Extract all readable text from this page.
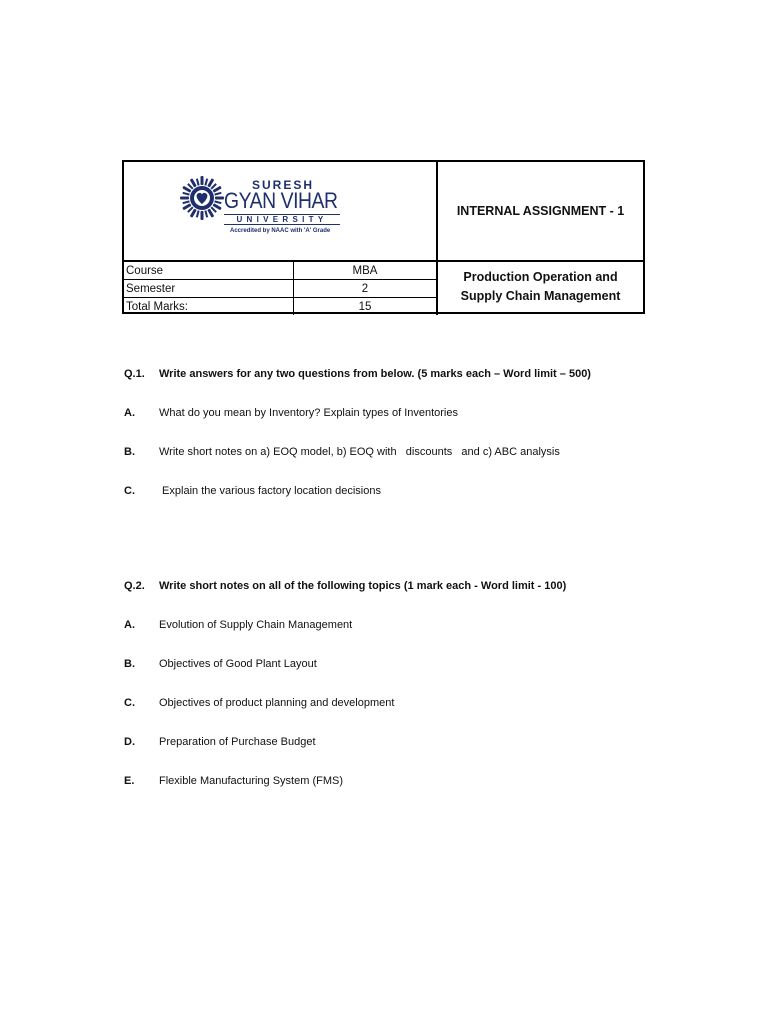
SURESH
GYAN VIHAR
UNIVERSITY
Accredited by NAAC with 'A' Grade
INTERNAL ASSIGNMENT - 1
Course	MBA
Semester	2
Total Marks:	15
Production Operation and Supply Chain Management
Q.1. Write answers for any two questions from below. (5 marks each – Word limit – 500)
A. What do you mean by Inventory? Explain types of Inventories
B. Write short notes on a) EOQ model, b) EOQ with   discounts   and c) ABC analysis
C. Explain the various factory location decisions
Q.2. Write short notes on all of the following topics (1 mark each - Word limit - 100)
A. Evolution of Supply Chain Management
B. Objectives of Good Plant Layout
C. Objectives of product planning and development
D. Preparation of Purchase Budget
E. Flexible Manufacturing System (FMS)
